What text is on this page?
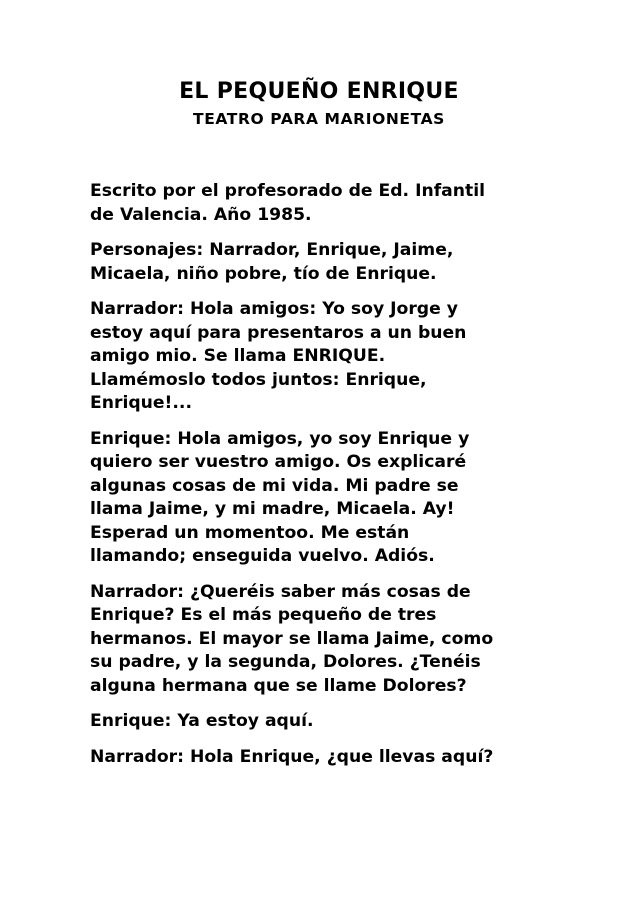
EL PEQUEÑO ENRIQUE
TEATRO PARA MARIONETAS

Escrito por el profesorado de Ed. Infantil
de Valencia. Año 1985.

Personajes: Narrador, Enrique, Jaime,
Micaela, niño pobre, tío de Enrique.

Narrador: Hola amigos: Yo soy Jorge y
estoy aquí para presentaros a un buen
amigo mio. Se llama ENRIQUE.
Llamémoslo todos juntos: Enrique,
Enrique!...

Enrique: Hola amigos, yo soy Enrique y
quiero ser vuestro amigo. Os explicaré
algunas cosas de mi vida. Mi padre se
llama Jaime, y mi madre, Micaela. Ay!
Esperad un momentoo. Me están
llamando; enseguida vuelvo. Adiós.

Narrador: ¿Queréis saber más cosas de
Enrique? Es el más pequeño de tres
hermanos. El mayor se llama Jaime, como
su padre, y la segunda, Dolores. ¿Tenéis
alguna hermana que se llame Dolores?

Enrique: Ya estoy aquí.

Narrador: Hola Enrique, ¿que llevas aquí?
